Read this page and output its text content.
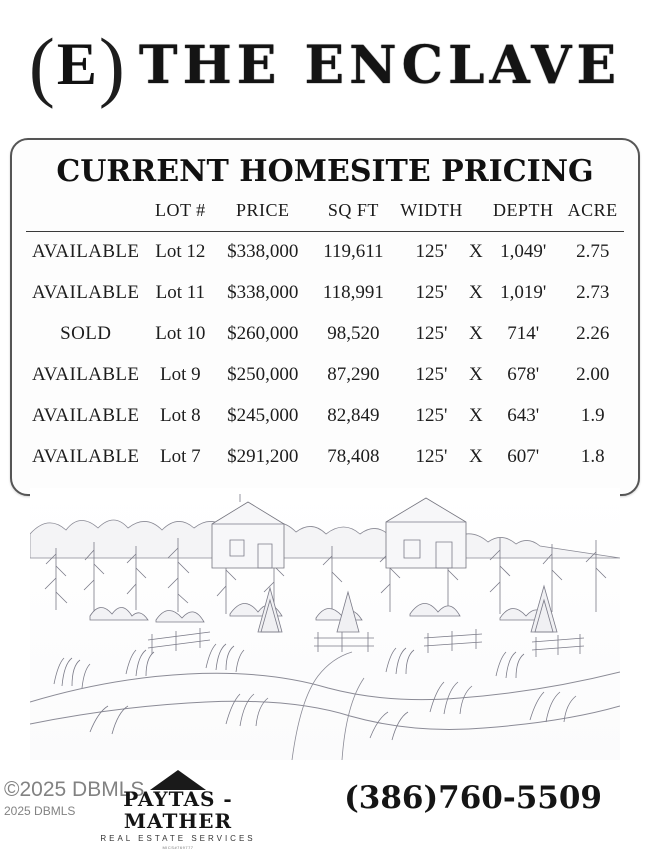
( E ) THE ENCLAVE
CURRENT HOMESITE PRICING
	LOT #	PRICE	SQ FT	WIDTH		DEPTH	ACRE

AVAILABLE	Lot 12	$338,000	119,611	125'	X	1,049'	2.75
AVAILABLE	Lot 11	$338,000	118,991	125'	X	1,019'	2.73
SOLD	Lot 10	$260,000	98,520	125'	X	714'	2.26
AVAILABLE	Lot 9	$250,000	87,290	125'	X	678'	2.00
AVAILABLE	Lot 8	$245,000	82,849	125'	X	643'	1.9
AVAILABLE	Lot 7	$291,200	78,408	125'	X	607'	1.8
©2025 DBMLS
2025 DBMLS	PAYTAS - MATHER
REAL ESTATE SERVICES
MICS#769777
(386)760-5509
